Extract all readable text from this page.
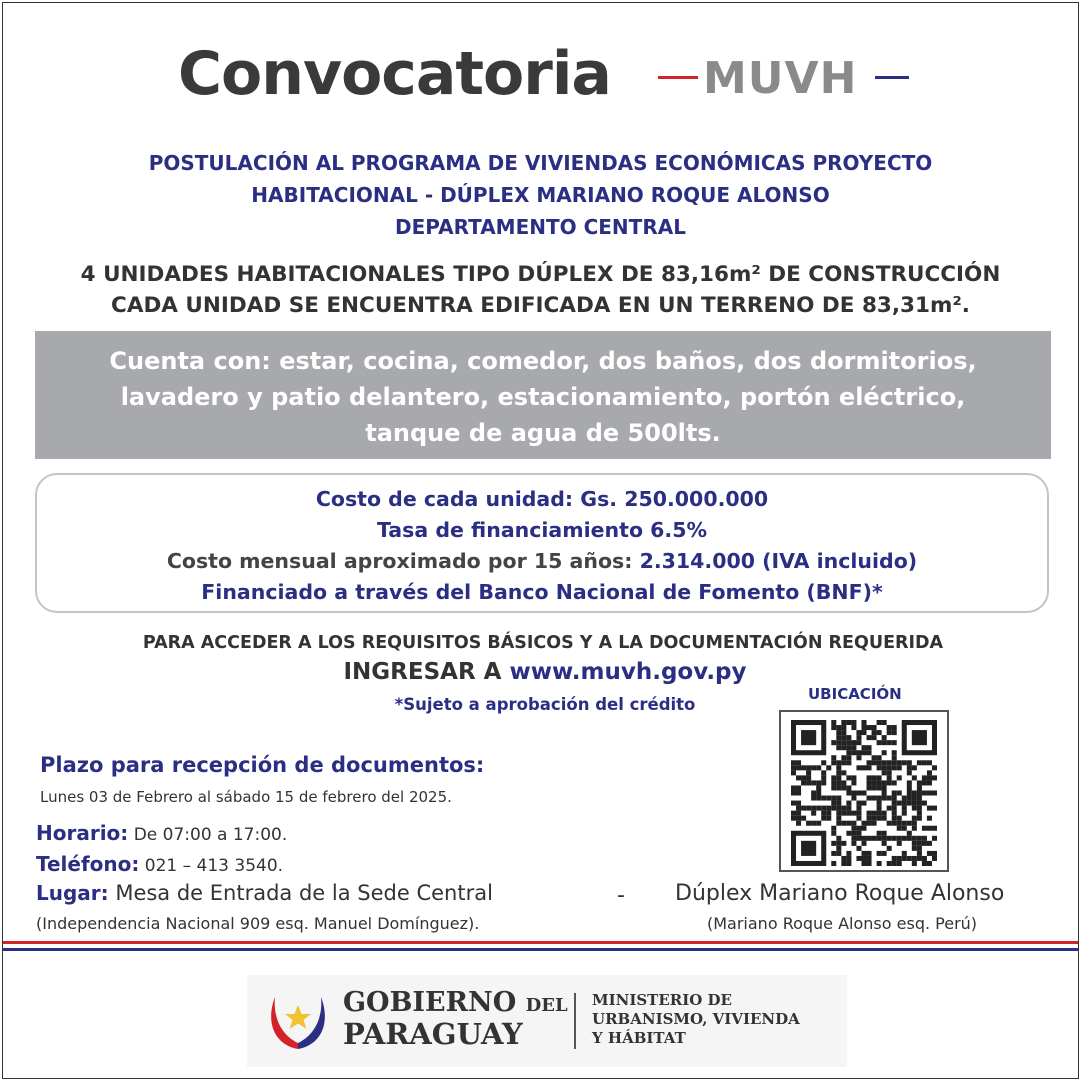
Convocatoria MUVH
POSTULACIÓN AL PROGRAMA DE VIVIENDAS ECONÓMICAS PROYECTO
HABITACIONAL - DÚPLEX MARIANO ROQUE ALONSO
DEPARTAMENTO CENTRAL
4 UNIDADES HABITACIONALES TIPO DÚPLEX DE 83,16m² DE CONSTRUCCIÓN
CADA UNIDAD SE ENCUENTRA EDIFICADA EN UN TERRENO DE 83,31m².
Cuenta con: estar, cocina, comedor, dos baños, dos dormitorios,
lavadero y patio delantero, estacionamiento, portón eléctrico,
tanque de agua de 500lts.
Costo de cada unidad: Gs. 250.000.000
Tasa de financiamiento 6.5%
Costo mensual aproximado por 15 años: 2.314.000 (IVA incluido)
Financiado a través del Banco Nacional de Fomento (BNF)*
PARA ACCEDER A LOS REQUISITOS BÁSICOS Y A LA DOCUMENTACIÓN REQUERIDA
INGRESAR A www.muvh.gov.py
*Sujeto a aprobación del crédito
UBICACIÓN
Plazo para recepción de documentos:
Lunes 03 de Febrero al sábado 15 de febrero del 2025.
Horario: De 07:00 a 17:00.
Teléfono: 021 – 413 3540.
Lugar: Mesa de Entrada de la Sede Central	- Dúplex Mariano Roque Alonso
(Independencia Nacional 909 esq. Manuel Domínguez).	(Mariano Roque Alonso esq. Perú)
GOBIERNO DEL
PARAGUAY
MINISTERIO DE
URBANISMO, VIVIENDA
Y HÁBITAT
